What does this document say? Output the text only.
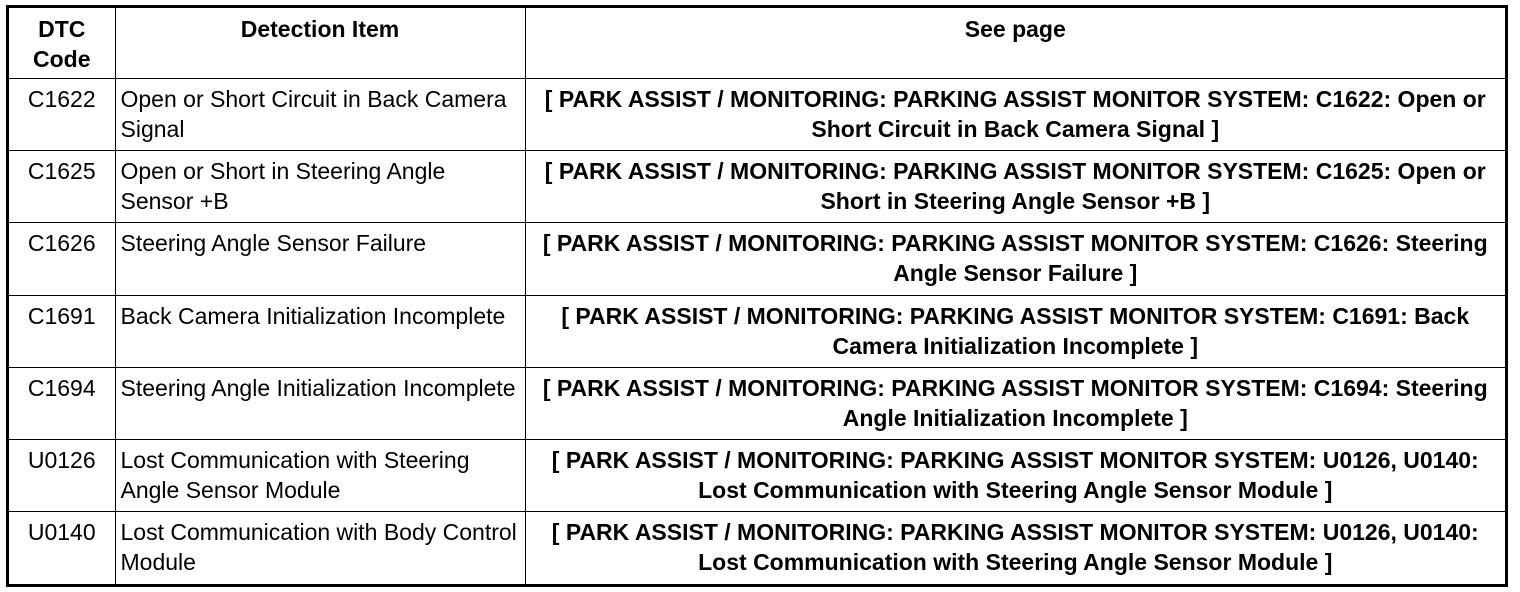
DTC
Code	Detection Item	See page
C1622	Open or Short Circuit in Back Camera Signal	[ PARK ASSIST / MONITORING: PARKING ASSIST MONITOR SYSTEM: C1622: Open or Short Circuit in Back Camera Signal ]
C1625	Open or Short in Steering Angle Sensor +B	[ PARK ASSIST / MONITORING: PARKING ASSIST MONITOR SYSTEM: C1625: Open or Short in Steering Angle Sensor +B ]
C1626	Steering Angle Sensor Failure	[ PARK ASSIST / MONITORING: PARKING ASSIST MONITOR SYSTEM: C1626: Steering Angle Sensor Failure ]
C1691	Back Camera Initialization Incomplete	[ PARK ASSIST / MONITORING: PARKING ASSIST MONITOR SYSTEM: C1691: Back Camera Initialization Incomplete ]
C1694	Steering Angle Initialization Incomplete	[ PARK ASSIST / MONITORING: PARKING ASSIST MONITOR SYSTEM: C1694: Steering Angle Initialization Incomplete ]
U0126	Lost Communication with Steering Angle Sensor Module	[ PARK ASSIST / MONITORING: PARKING ASSIST MONITOR SYSTEM: U0126, U0140: Lost Communication with Steering Angle Sensor Module ]
U0140	Lost Communication with Body Control Module	[ PARK ASSIST / MONITORING: PARKING ASSIST MONITOR SYSTEM: U0126, U0140: Lost Communication with Steering Angle Sensor Module ]
